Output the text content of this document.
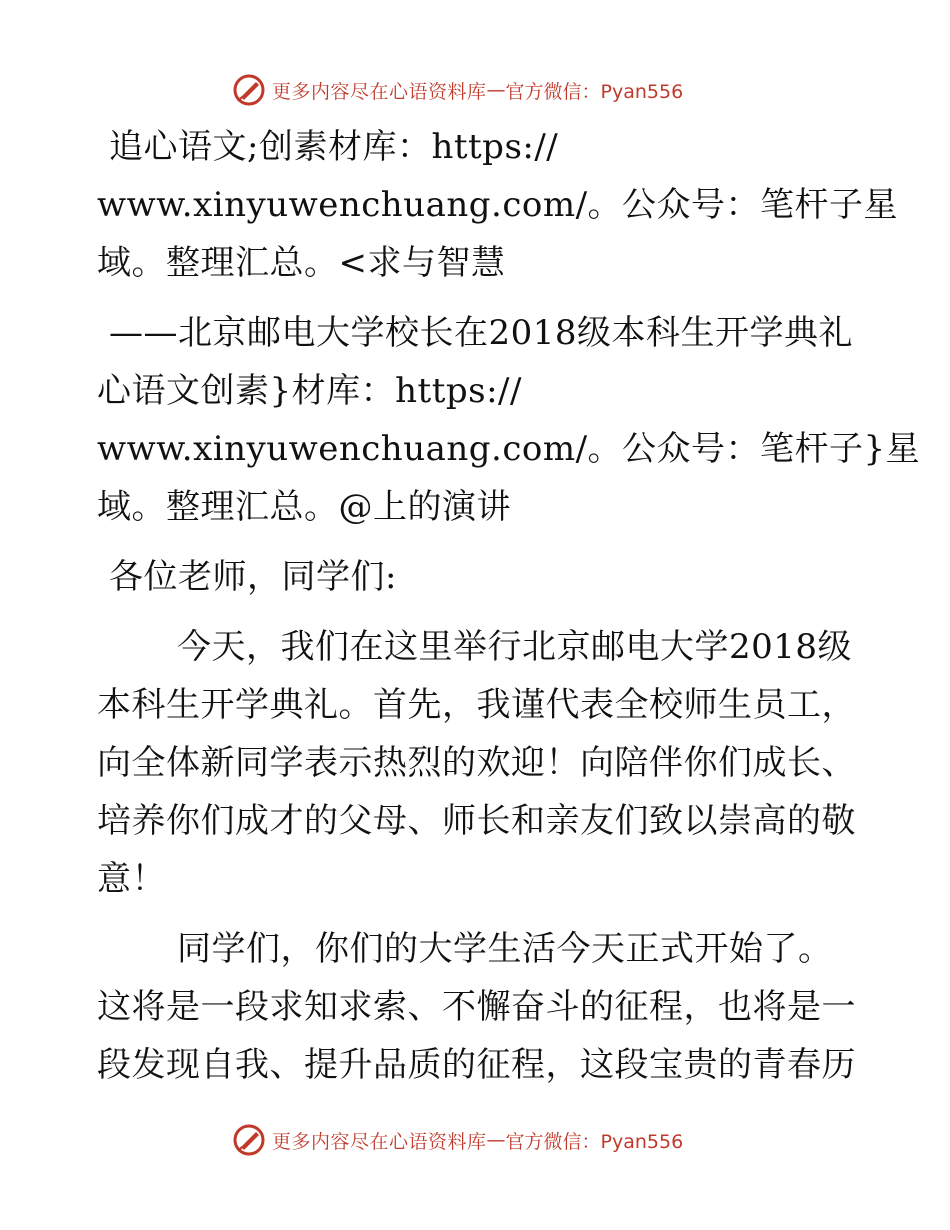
更多内容尽在心语资料库 — 官方微信：Pyan556
追心语文;创素材库：https://
www.xinyuwenchuang.com/。公众号：笔杆子星
域。整理汇总。<求与智慧
——北京邮电大学校长在2018级本科生开学典礼
心语文创素}材库：https://
www.xinyuwenchuang.com/。公众号：笔杆子}星
域。整理汇总。@上的演讲
各位老师，同学们:
今天，我们在这里举行北京邮电大学2018级
本科生开学典礼。首先，我谨代表全校师生员工，
向全体新同学表示热烈的欢迎！向陪伴你们成长、
培养你们成才的父母、师长和亲友们致以崇高的敬
意！
同学们，你们的大学生活今天正式开始了。
这将是一段求知求索、不懈奋斗的征程，也将是一
段发现自我、提升品质的征程，这段宝贵的青春历
更多内容尽在心语资料库 — 官方微信：Pyan556
